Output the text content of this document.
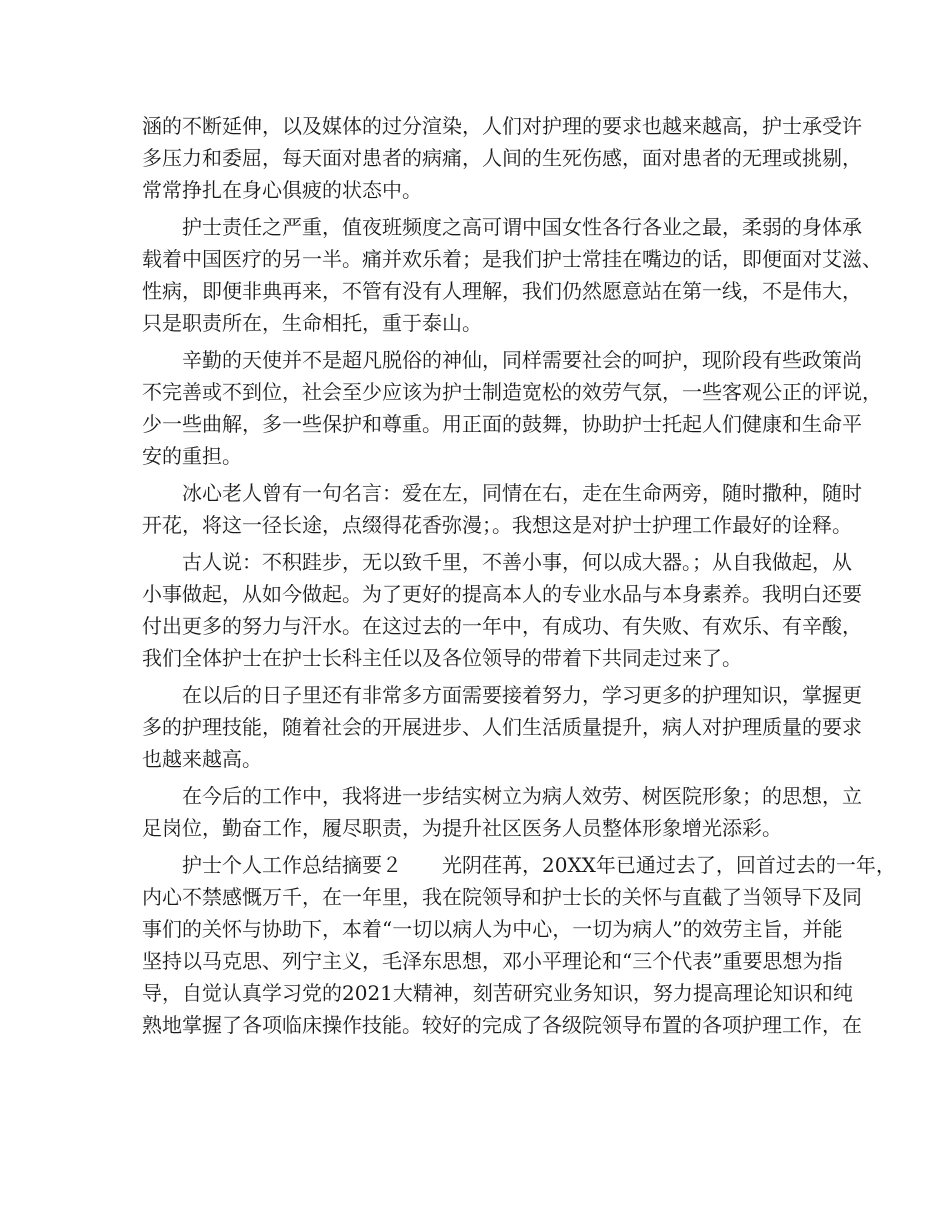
涵的不断延伸，以及媒体的过分渲染，人们对护理的要求也越来越高，护士承受许
多压力和委屈，每天面对患者的病痛，人间的生死伤感，面对患者的无理或挑剔，
常常挣扎在身心俱疲的状态中。
　　护士责任之严重，值夜班频度之高可谓中国女性各行各业之最，柔弱的身体承
载着中国医疗的另一半。痛并欢乐着；是我们护士常挂在嘴边的话，即便面对艾滋、
性病，即便非典再来，不管有没有人理解，我们仍然愿意站在第一线，不是伟大，
只是职责所在，生命相托，重于泰山。
　　辛勤的天使并不是超凡脱俗的神仙，同样需要社会的呵护，现阶段有些政策尚
不完善或不到位，社会至少应该为护士制造宽松的效劳气氛，一些客观公正的评说，
少一些曲解，多一些保护和尊重。用正面的鼓舞，协助护士托起人们健康和生命平
安的重担。
　　冰心老人曾有一句名言：爱在左，同情在右，走在生命两旁，随时撒种，随时
开花，将这一径长途，点缀得花香弥漫；。我想这是对护士护理工作最好的诠释。
　　古人说：不积跬步，无以致千里，不善小事，何以成大器。；从自我做起，从
小事做起，从如今做起。为了更好的提高本人的专业水品与本身素养。我明白还要
付出更多的努力与汗水。在这过去的一年中，有成功、有失败、有欢乐、有辛酸，
我们全体护士在护士长科主任以及各位领导的带着下共同走过来了。
　　在以后的日子里还有非常多方面需要接着努力，学习更多的护理知识，掌握更
多的护理技能，随着社会的开展进步、人们生活质量提升，病人对护理质量的要求
也越来越高。
　　在今后的工作中，我将进一步结实树立为病人效劳、树医院形象；的思想，立
足岗位，勤奋工作，履尽职责，为提升社区医务人员整体形象增光添彩。
　　护士个人工作总结摘要２　　光阴荏苒，20XX年已通过去了，回首过去的一年，
内心不禁感慨万千，在一年里，我在院领导和护士长的关怀与直截了当领导下及同
事们的关怀与协助下，本着“一切以病人为中心，一切为病人”的效劳主旨，并能
坚持以马克思、列宁主义，毛泽东思想，邓小平理论和“三个代表”重要思想为指
导，自觉认真学习党的2021大精神，刻苦研究业务知识，努力提高理论知识和纯
熟地掌握了各项临床操作技能。较好的完成了各级院领导布置的各项护理工作，在
